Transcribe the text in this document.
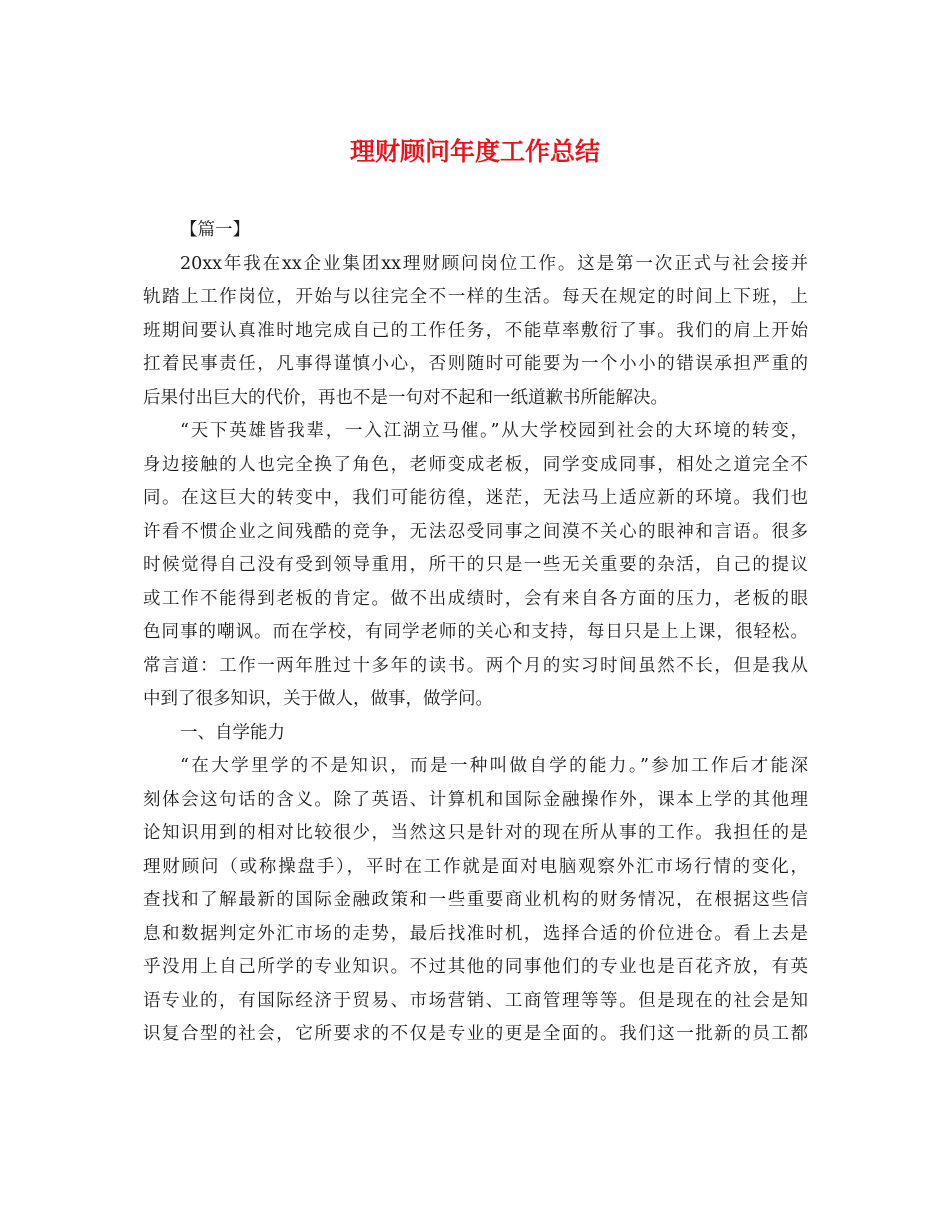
理财顾问年度工作总结
【篇一】
20xx年我在xx企业集团xx理财顾问岗位工作。这是第一次正式与社会接并
轨踏上工作岗位，开始与以往完全不一样的生活。每天在规定的时间上下班，上
班期间要认真准时地完成自己的工作任务，不能草率敷衍了事。我们的肩上开始
扛着民事责任，凡事得谨慎小心，否则随时可能要为一个小小的错误承担严重的
后果付出巨大的代价，再也不是一句对不起和一纸道歉书所能解决。
“天下英雄皆我辈，一入江湖立马催。”从大学校园到社会的大环境的转变，
身边接触的人也完全换了角色，老师变成老板，同学变成同事，相处之道完全不
同。在这巨大的转变中，我们可能彷徨，迷茫，无法马上适应新的环境。我们也
许看不惯企业之间残酷的竞争，无法忍受同事之间漠不关心的眼神和言语。很多
时候觉得自己没有受到领导重用，所干的只是一些无关重要的杂活，自己的提议
或工作不能得到老板的肯定。做不出成绩时，会有来自各方面的压力，老板的眼
色同事的嘲讽。而在学校，有同学老师的关心和支持，每日只是上上课，很轻松。
常言道：工作一两年胜过十多年的读书。两个月的实习时间虽然不长，但是我从
中到了很多知识，关于做人，做事，做学问。
一、自学能力
“在大学里学的不是知识，而是一种叫做自学的能力。”参加工作后才能深
刻体会这句话的含义。除了英语、计算机和国际金融操作外，课本上学的其他理
论知识用到的相对比较很少，当然这只是针对的现在所从事的工作。我担任的是
理财顾问（或称操盘手），平时在工作就是面对电脑观察外汇市场行情的变化，
查找和了解最新的国际金融政策和一些重要商业机构的财务情况，在根据这些信
息和数据判定外汇市场的走势，最后找准时机，选择合适的价位进仓。看上去是
乎没用上自己所学的专业知识。不过其他的同事他们的专业也是百花齐放，有英
语专业的，有国际经济于贸易、市场营销、工商管理等等。但是现在的社会是知
识复合型的社会，它所要求的不仅是专业的更是全面的。我们这一批新的员工都
